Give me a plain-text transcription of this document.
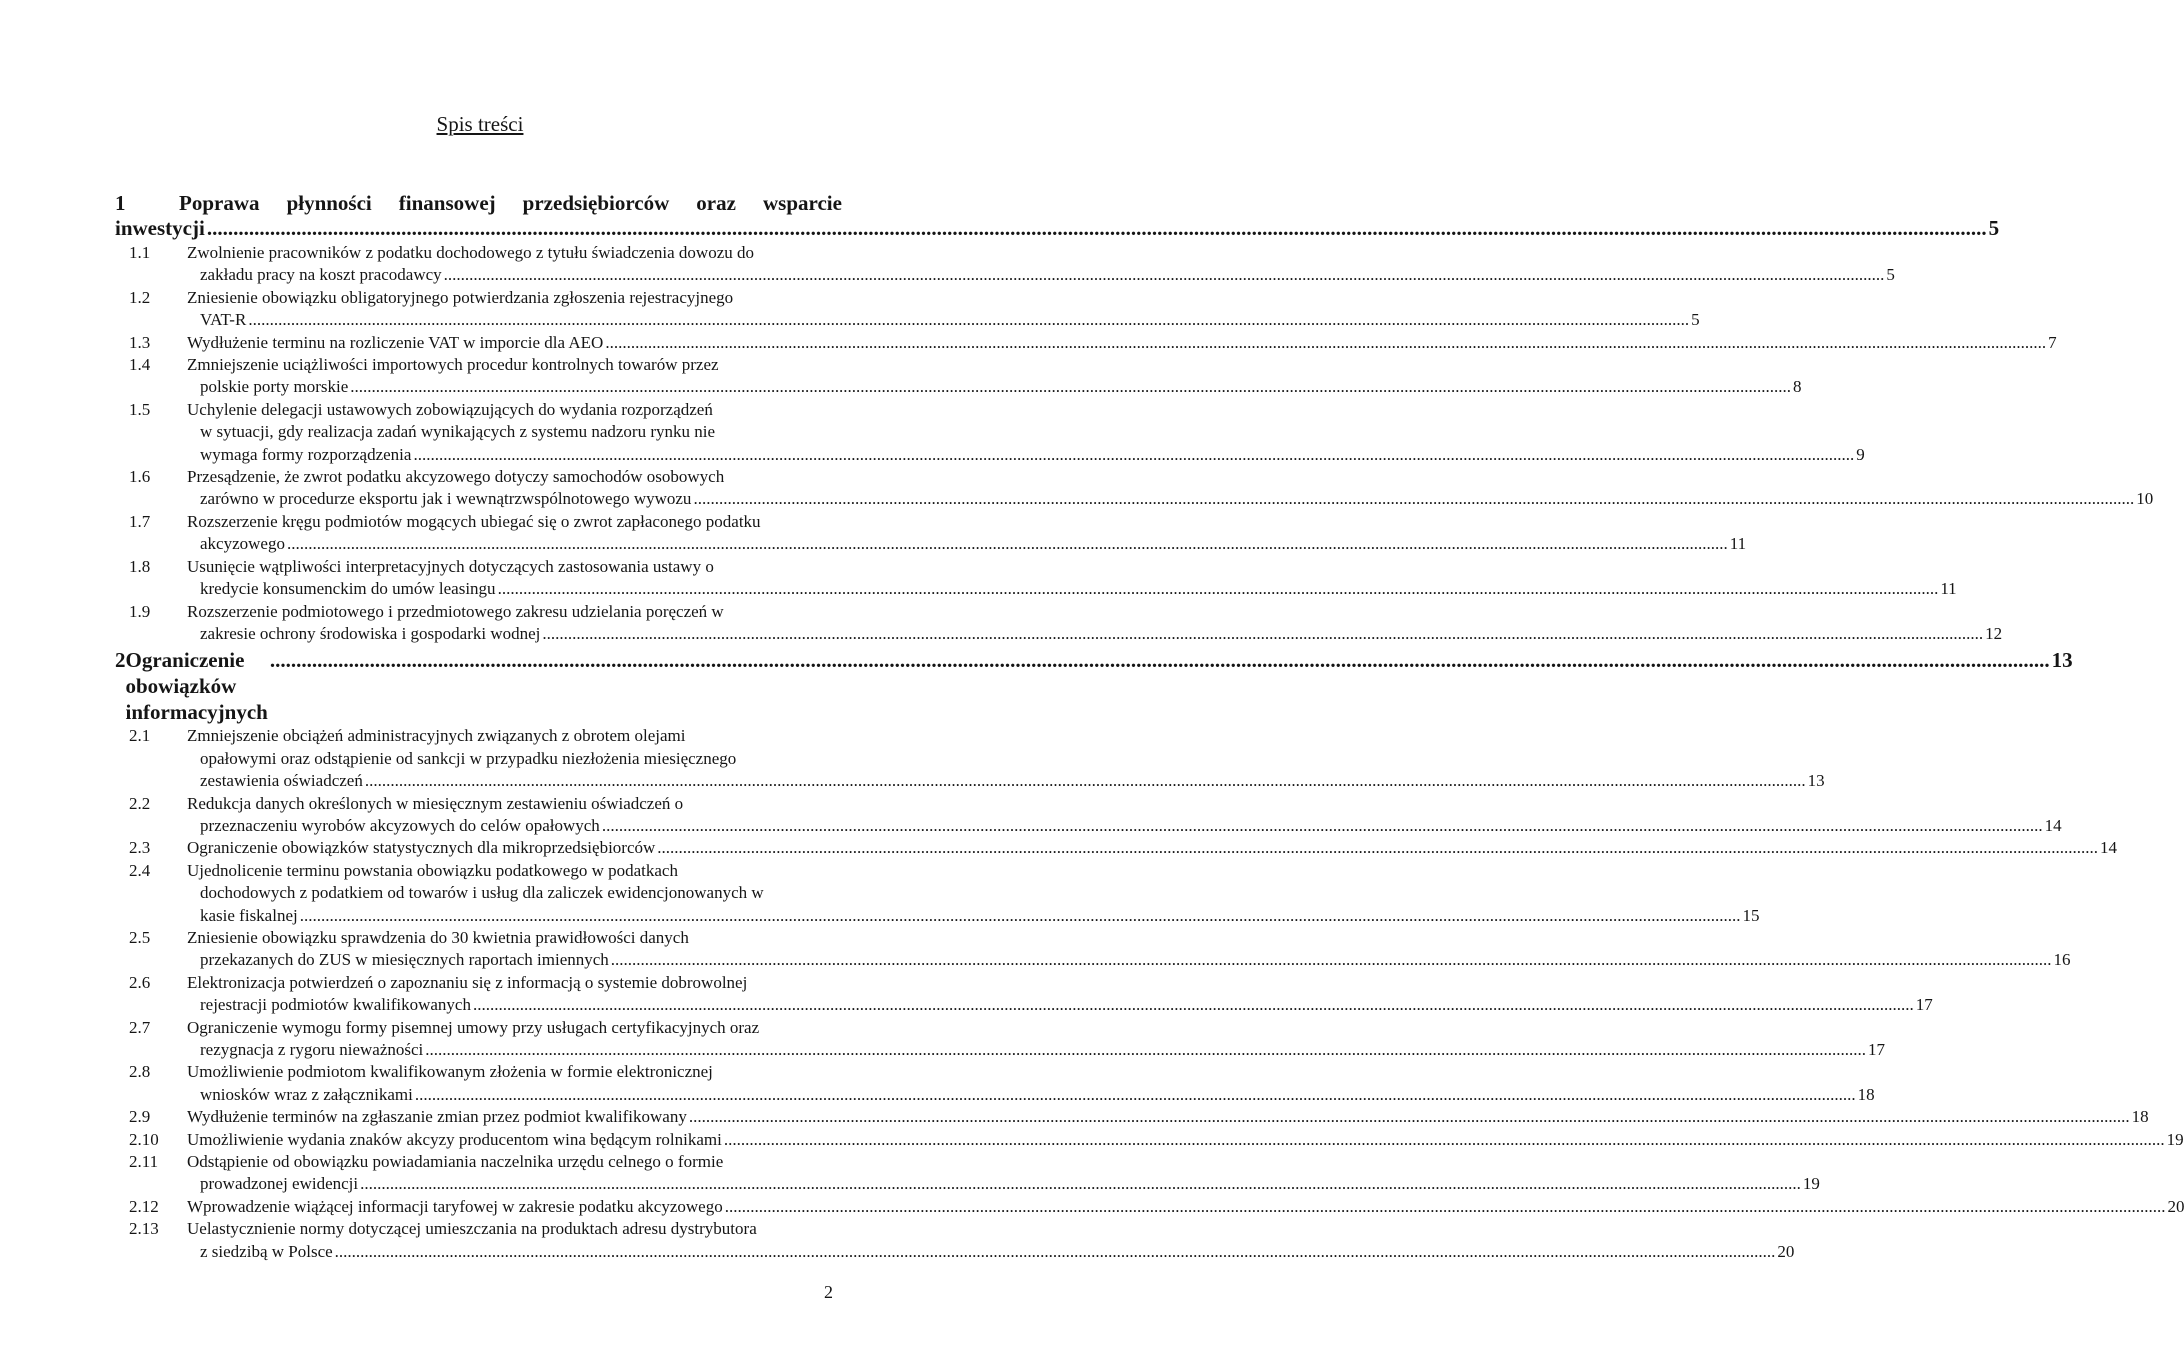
Spis treści
1	Poprawa płynności finansowej przedsiębiorców oraz wsparcie
inwestycji .....	5
1.1	Zwolnienie pracowników z podatku dochodowego z tytułu świadczenia dowozu do
zakładu pracy na koszt pracodawcy .....	5
1.2	Zniesienie obowiązku obligatoryjnego potwierdzania zgłoszenia rejestracyjnego
VAT-R .....	5
1.3	Wydłużenie terminu na rozliczenie VAT w imporcie dla AEO .....	7
1.4	Zmniejszenie uciążliwości importowych procedur kontrolnych towarów przez
polskie porty morskie .....	8
1.5	Uchylenie delegacji ustawowych zobowiązujących do wydania rozporządzeń
w sytuacji, gdy realizacja zadań wynikających z systemu nadzoru rynku nie
wymaga formy rozporządzenia .....	9
1.6	Przesądzenie, że zwrot podatku akcyzowego dotyczy samochodów osobowych
zarówno w procedurze eksportu jak i wewnątrzwspólnotowego wywozu .....	10
1.7	Rozszerzenie kręgu podmiotów mogących ubiegać się o zwrot zapłaconego podatku
akcyzowego .....	11
1.8	Usunięcie wątpliwości interpretacyjnych dotyczących zastosowania ustawy o
kredycie konsumenckim do umów leasingu .....	11
1.9	Rozszerzenie podmiotowego i przedmiotowego zakresu udzielania poręczeń w
zakresie ochrony środowiska i gospodarki wodnej .....	12
2 Ograniczenie obowiązków informacyjnych
.....
13
2.1	Zmniejszenie obciążeń administracyjnych związanych z obrotem olejami
opałowymi oraz odstąpienie od sankcji w przypadku niezłożenia miesięcznego
zestawienia oświadczeń .....	13
2.2	Redukcja danych określonych w miesięcznym zestawieniu oświadczeń o
przeznaczeniu wyrobów akcyzowych do celów opałowych .....	14
2.3	Ograniczenie obowiązków statystycznych dla mikroprzedsiębiorców .....	14
2.4	Ujednolicenie terminu powstania obowiązku podatkowego w podatkach
dochodowych z podatkiem od towarów i usług dla zaliczek ewidencjonowanych w
kasie fiskalnej .....	15
2.5	Zniesienie obowiązku sprawdzenia do 30 kwietnia prawidłowości danych
przekazanych do ZUS w miesięcznych raportach imiennych .....	16
2.6	Elektronizacja potwierdzeń o zapoznaniu się z informacją o systemie dobrowolnej
rejestracji podmiotów kwalifikowanych .....	17
2.7	Ograniczenie wymogu formy pisemnej umowy przy usługach certyfikacyjnych oraz
rezygnacja z rygoru nieważności .....	17
2.8	Umożliwienie podmiotom kwalifikowanym złożenia w formie elektronicznej
wniosków wraz z załącznikami .....	18
2.9	Wydłużenie terminów na zgłaszanie zmian przez podmiot kwalifikowany .....	18
2.10	Umożliwienie wydania znaków akcyzy producentom wina będącym rolnikami .....	19
2.11	Odstąpienie od obowiązku powiadamiania naczelnika urzędu celnego o formie
prowadzonej ewidencji .....	19
2.12	Wprowadzenie wiążącej informacji taryfowej w zakresie podatku akcyzowego .....	20
2.13	Uelastycznienie normy dotyczącej umieszczania na produktach adresu dystrybutora
z siedzibą w Polsce .....	20
2
